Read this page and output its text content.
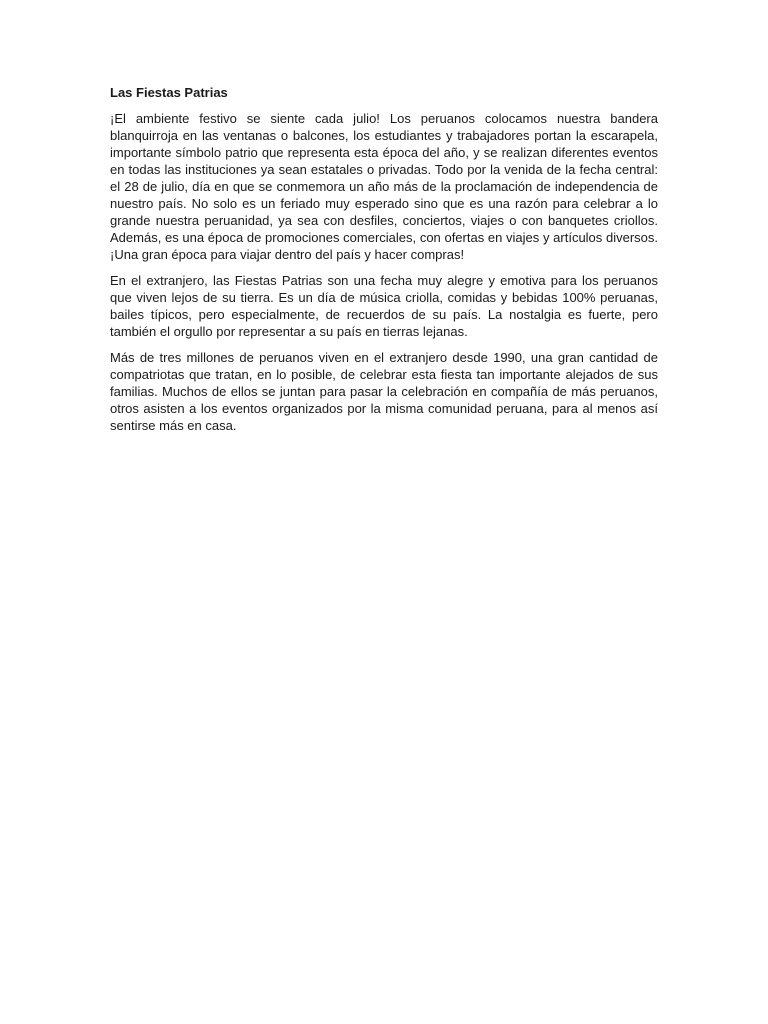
Las Fiestas Patrias

¡El ambiente festivo se siente cada julio! Los peruanos colocamos nuestra bandera blanquirroja en las ventanas o balcones, los estudiantes y trabajadores portan la escarapela, importante símbolo patrio que representa esta época del año, y se realizan diferentes eventos en todas las instituciones ya sean estatales o privadas. Todo por la venida de la fecha central: el 28 de julio, día en que se conmemora un año más de la proclamación de independencia de nuestro país. No solo es un feriado muy esperado sino que es una razón para celebrar a lo grande nuestra peruanidad, ya sea con desfiles, conciertos, viajes o con banquetes criollos. Además, es una época de promociones comerciales, con ofertas en viajes y artículos diversos. ¡Una gran época para viajar dentro del país y hacer compras!

En el extranjero, las Fiestas Patrias son una fecha muy alegre y emotiva para los peruanos que viven lejos de su tierra. Es un día de música criolla, comidas y bebidas 100% peruanas, bailes típicos, pero especialmente, de recuerdos de su país. La nostalgia es fuerte, pero también el orgullo por representar a su país en tierras lejanas.

Más de tres millones de peruanos viven en el extranjero desde 1990, una gran cantidad de compatriotas que tratan, en lo posible, de celebrar esta fiesta tan importante alejados de sus familias. Muchos de ellos se juntan para pasar la celebración en compañía de más peruanos, otros asisten a los eventos organizados por la misma comunidad peruana, para al menos así sentirse más en casa.
